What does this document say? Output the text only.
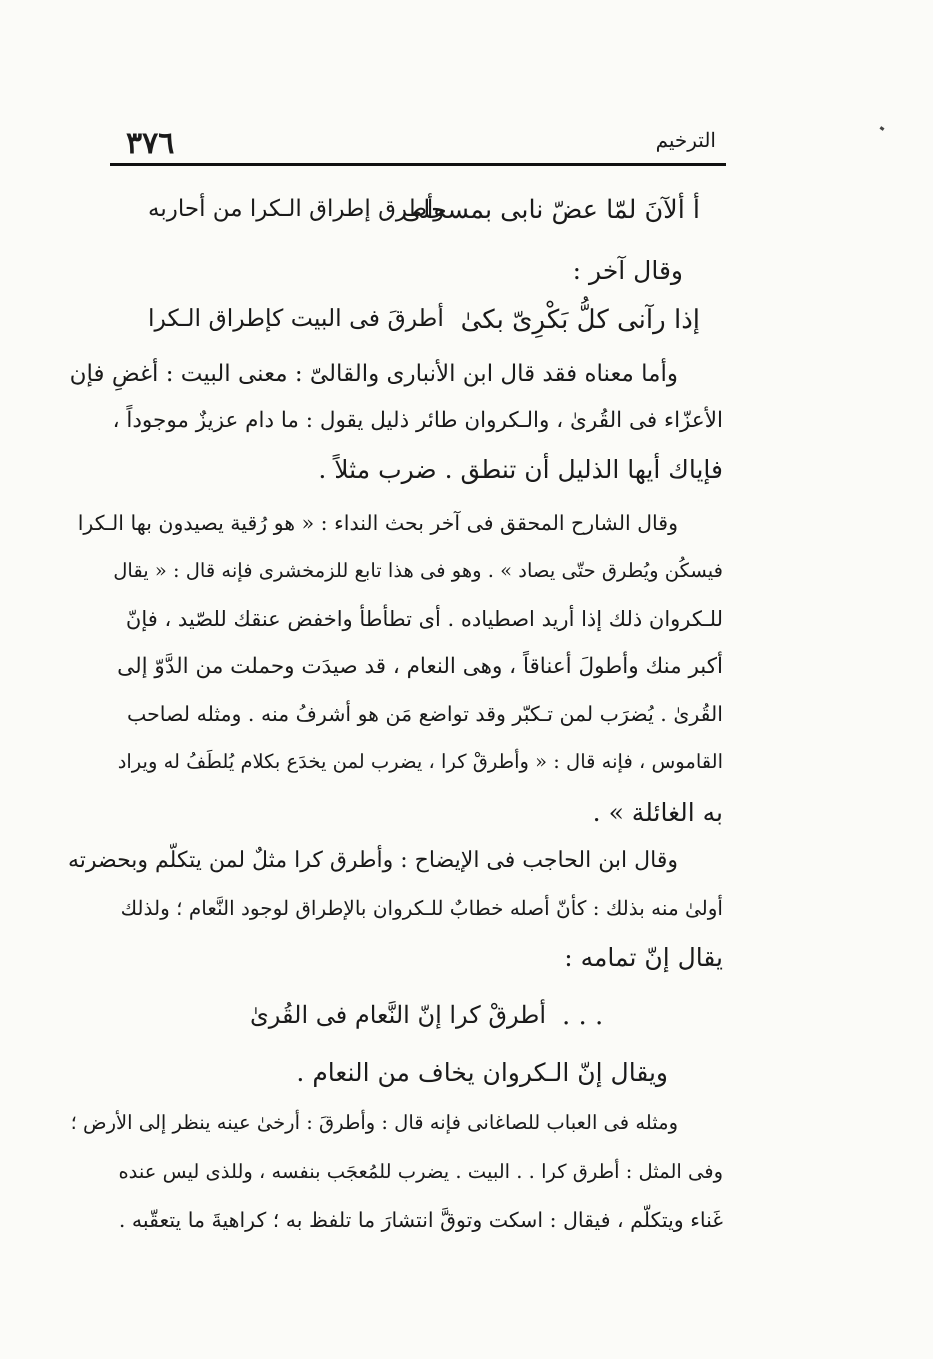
٣٧٦	الترخيم
أ ألآنَ لمّا عضّ نابى بمسحلى
وأطرق إطراق الـكرا من أحاربه
وقال آخر :
إذا رآنى كلُّ بَكْرِىّ بكىٰ
أطرقَ فى البيت كإطراق الـكرا
وأما معناه فقد قال ابن الأنبارى والقالىّ : معنى البيت : أغضِ فإن
الأعزّاء فى القُرىٰ ، والـكروان طائر ذليل يقول : ما دام عزيزٌ موجوداً ،
فإياك أيها الذليل أن تنطق . ضرب مثلاً .
وقال الشارح المحقق فى آخر بحث النداء : « هو رُقية يصيدون بها الـكرا
فيسكُن ويُطرق حتّى يصاد » . وهو فى هذا تابع للزمخشرى فإنه قال : « يقال
للـكروان ذلك إذا أريد اصطياده . أى تطأطأ واخفض عنقك للصّيد ، فإنّ
أكبر منك وأطولَ أعناقاً ، وهى النعام ، قد صيدَت وحملت من الدَّوّ إلى
القُرىٰ . يُضرَب لمن تـكبّر وقد تواضع مَن هو أشرفُ منه . ومثله لصاحب
القاموس ، فإنه قال : « وأطرقْ كرا ، يضرب لمن يخدَع بكلام يُلطَفُ له ويراد
به الغائلة » .
وقال ابن الحاجب فى الإيضاح : وأطرق كرا مثلٌ لمن يتكلّم وبحضرته
أولىٰ منه بذلك : كأنّ أصله خطابٌ للـكروان بالإطراق لوجود النَّعام ؛ ولذلك
يقال إنّ تمامه :
أطرقْ كرا إنّ النَّعام فى القُرىٰ . . .
ويقال إنّ الـكروان يخاف من النعام .
ومثله فى العباب للصاغانى فإنه قال : وأطرقَ : أرخىٰ عينه ينظر إلى الأرض ؛
وفى المثل : أطرق كرا . . البيت . يضرب للمُعجَب بنفسه ، وللذى ليس عنده
غَناء ويتكلّم ، فيقال : اسكت وتوقَّ انتشارَ ما تلفظ به ؛ كراهيةَ ما يتعقّبه .
